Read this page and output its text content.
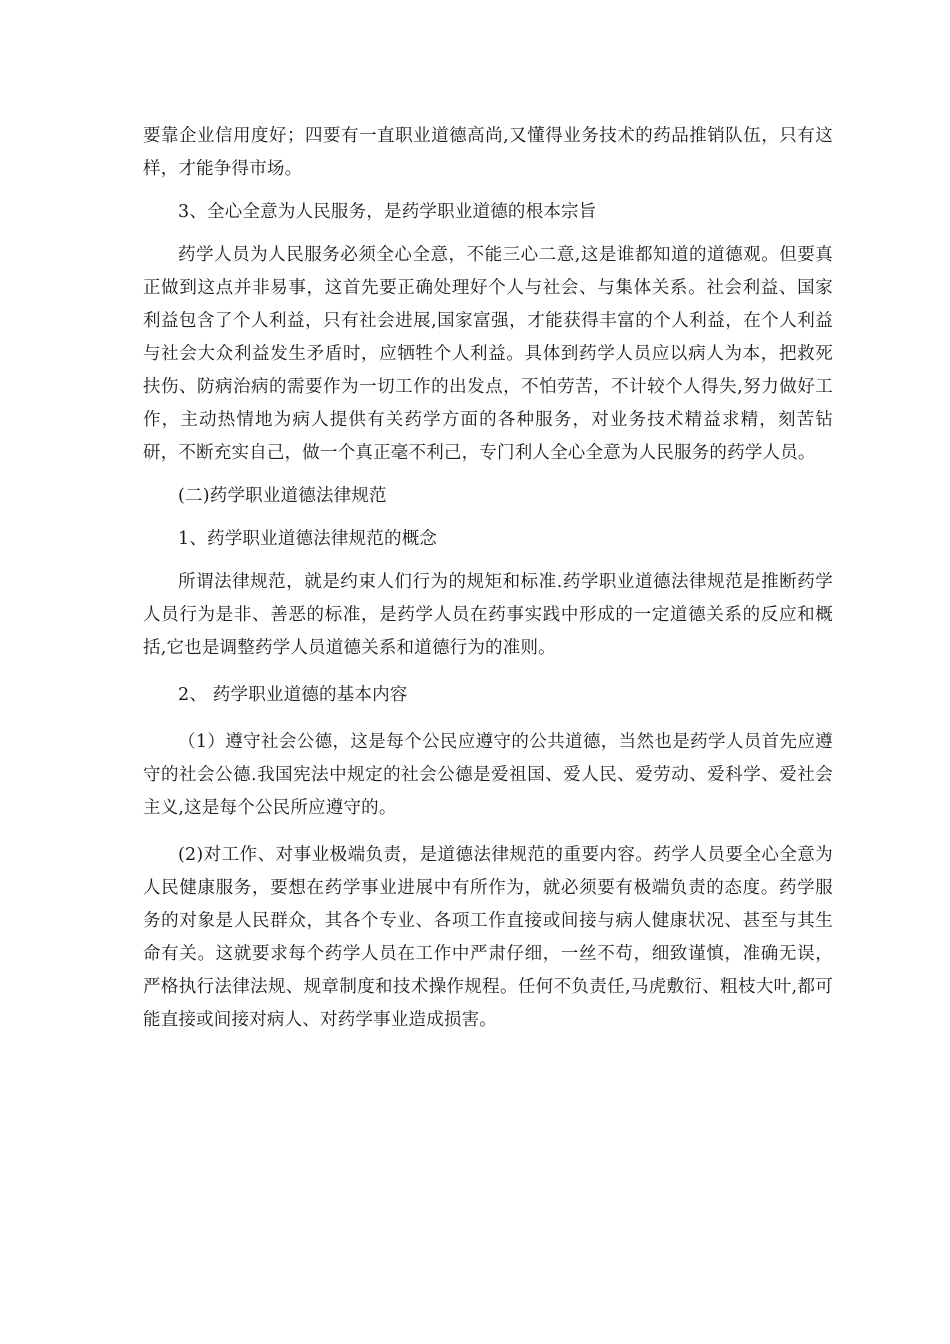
要靠企业信用度好；四要有一直职业道德高尚,又懂得业务技术的药品推销队伍，只有这样，才能争得市场。

3、全心全意为人民服务，是药学职业道德的根本宗旨

药学人员为人民服务必须全心全意，不能三心二意,这是谁都知道的道德观。但要真正做到这点并非易事，这首先要正确处理好个人与社会、与集体关系。社会利益、国家利益包含了个人利益，只有社会进展,国家富强，才能获得丰富的个人利益，在个人利益与社会大众利益发生矛盾时，应牺牲个人利益。具体到药学人员应以病人为本，把救死扶伤、防病治病的需要作为一切工作的出发点，不怕劳苦，不计较个人得失,努力做好工作，主动热情地为病人提供有关药学方面的各种服务，对业务技术精益求精，刻苦钻研，不断充实自己，做一个真正毫不利己，专门利人全心全意为人民服务的药学人员。

(二)药学职业道德法律规范

1、药学职业道德法律规范的概念

所谓法律规范，就是约束人们行为的规矩和标准.药学职业道德法律规范是推断药学人员行为是非、善恶的标准，是药学人员在药事实践中形成的一定道德关系的反应和概括,它也是调整药学人员道德关系和道德行为的准则。

2、 药学职业道德的基本内容

（1）遵守社会公德，这是每个公民应遵守的公共道德，当然也是药学人员首先应遵守的社会公德.我国宪法中规定的社会公德是爱祖国、爱人民、爱劳动、爱科学、爱社会主义,这是每个公民所应遵守的。

(2)对工作、对事业极端负责，是道德法律规范的重要内容。药学人员要全心全意为人民健康服务，要想在药学事业进展中有所作为，就必须要有极端负责的态度。药学服务的对象是人民群众，其各个专业、各项工作直接或间接与病人健康状况、甚至与其生命有关。这就要求每个药学人员在工作中严肃仔细，一丝不苟，细致谨慎，准确无误，严格执行法律法规、规章制度和技术操作规程。任何不负责任,马虎敷衍、粗枝大叶,都可能直接或间接对病人、对药学事业造成损害。
